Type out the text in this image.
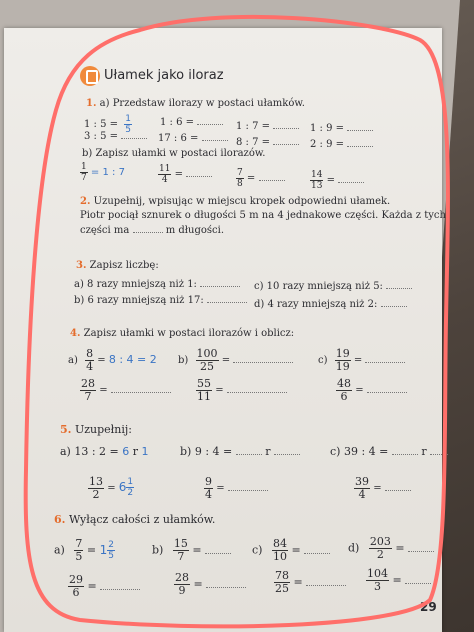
Ułamek jako iloraz
1. a) Przedstaw ilorazy w postaci ułamków.
1 : $5 = \frac{1}{5}$	1 : 6 =	1 : 7 =	1 : 9 =
3 : 5 =	17 : 6 =	8 : 7 =	2 : 9 =
b) Zapisz ułamki w postaci ilorazów.
$\frac{1}{7} = 1$ : 7	$\frac{11}{4}$ =	$\frac{7}{8}$ =	$\frac{14}{13}$ =
2. Uzupełnij, wpisując w miejscu kropek odpowiedni ułamek.
Piotr pociął sznurek o długości 5 m na 4 jednakowe części. Każda z tych
części ma	m długości.
3. Zapisz liczbę:
a) 8 razy mniejszą niż 1:
b) 6 razy mniejszą niż 17:
c) 10 razy mniejszą niż 5:
d) 4 razy mniejszą niż 2:
4. Zapisz ułamki w postaci ilorazów i oblicz:
$a) \frac{8}{4} = 8$ : 4 = 2 $b) \frac{100}{25}$ =	$c) \frac{19}{19}$ =
$\frac{28}{7}$ =	$\frac{55}{11}$ =	$\frac{48}{6}$ =
5. Uzupełnij:
a) 13 : 2 = 6 r 1	b) 9 : 4 =	r	c) 39 : 4 =	r
$\frac{13}{2} = 6 \frac{1}{2}$	$\frac{9}{4}$ =	$\frac{39}{4}$ =
6. Wyłącz całości z ułamków.
$a) \frac{7}{5} = 1 \frac{2}{5}$	$b) \frac{15}{7}$ =	$c) \frac{84}{10}$ =	$d) \frac{203}{2}$ =
$\frac{29}{6}$ =	$\frac{28}{9}$ =	$\frac{78}{25}$ =	$\frac{104}{3}$ =
29
